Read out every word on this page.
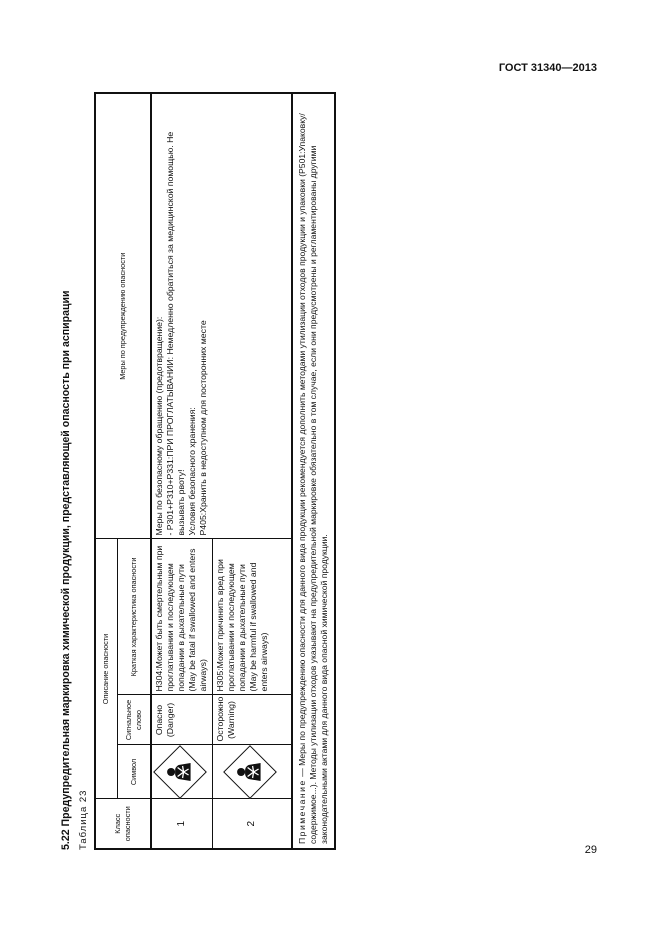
ГОСТ 31340—2013
5.22 Предупредительная маркировка химической продукции, представляющей опасность при аспирации Таблица 23	Класс опасности	Описание опасности			Меры по предупреждению опасности
	Символ	Сигнальное слово	Краткая характеристика опасности	
1		Опасно (Danger)	H304:Может быть смертельным при проглатывании и последующем попадании в дыхательные пути (May be fatal if swallowed and enters airways)	Меры по безопасному обращению (предотвращение): - P301+P310+P331:ПРИ ПРОГЛАТЫВАНИИ: Немедленно обратиться за медицинской помощью. Не вызывать рвоту! Условия безопасного хранения: P405:Хранить в недоступном для посторонних месте

2		Осторожно (Warning)	H305:Может причинить вред при проглатывании и последующем попадании в дыхательные пути (May be harmful if swallowed and enters airways)	
Примечание — Меры по предупреждению опасности для данного вида продукции рекомендуется дополнить методами утилизации отходов продукции и упаковки (P501:Упаковку/содержимое...). Методы утилизации отходов указывают на предупредительной маркировке обязательно в том случае, если они предусмотрены и регламентированы другими законодательными актами для данного вида опасной химической продукции.				
29
